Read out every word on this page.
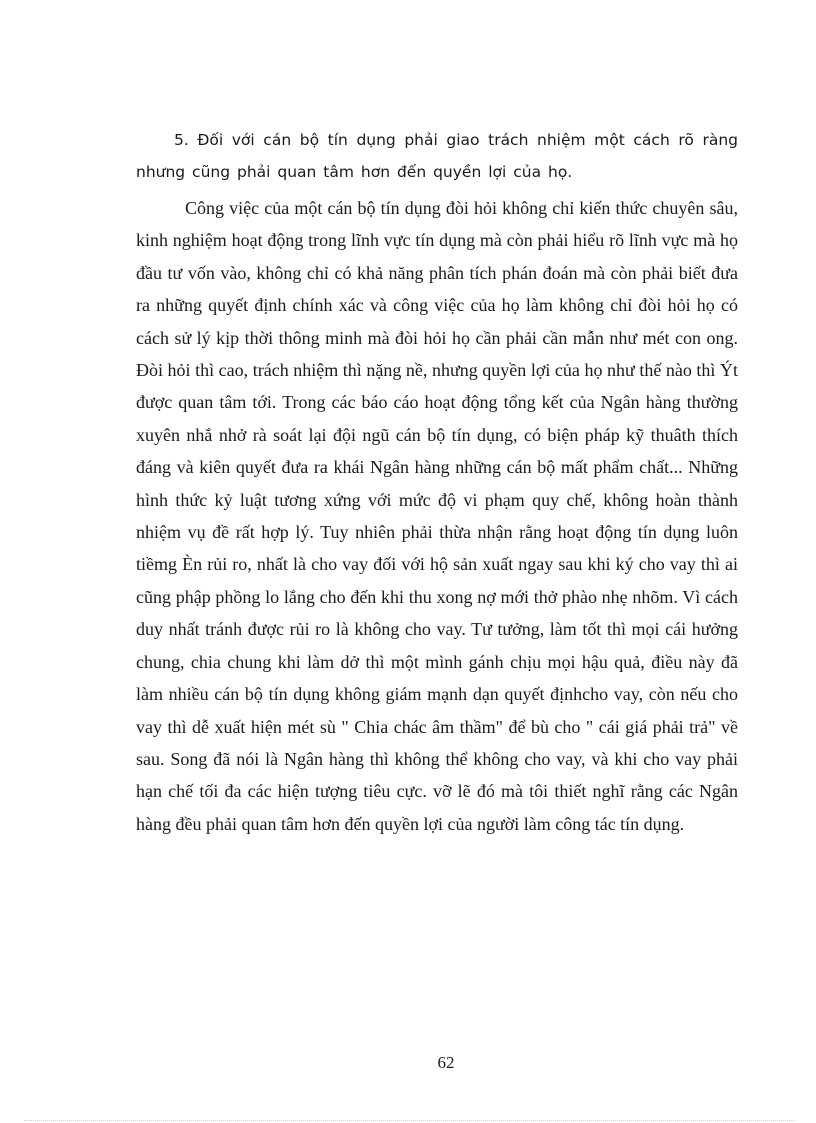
5. Đối với cán bộ tín dụng phải giao trách nhiệm một cách rõ ràng nhưng cũng phải quan tâm hơn đến quyền lợi của họ.

Công việc của một cán bộ tín dụng đòi hỏi không chỉ kiến thức chuyên sâu, kinh nghiệm hoạt động trong lĩnh vực tín dụng mà còn phải hiểu rõ lĩnh vực mà họ đầu tư vốn vào, không chỉ có khả năng phân tích phán đoán mà còn phải biết đưa ra những quyết định chính xác và công việc của họ làm không chỉ đòi hỏi họ có cách sử lý kịp thời thông minh mà đòi hỏi họ cần phải cần mẫn như mét con ong. Đòi hỏi thì cao, trách nhiệm thì nặng nề, nhưng quyền lợi của họ như thế nào thì Ýt được quan tâm tới. Trong các báo cáo hoạt động tổng kết của Ngân hàng thường xuyên nhắ nhở rà soát lại đội ngũ cán bộ tín dụng, có biện pháp kỹ thuâth thích đáng và kiên quyết đưa ra khái Ngân hàng những cán bộ mất phẩm chất... Những hình thức kỷ luật tương xứng với mức độ vi phạm quy chế, không hoàn thành nhiệm vụ đề rất hợp lý. Tuy nhiên phải thừa nhận rằng hoạt động tín dụng luôn tiềmg Èn rủi ro, nhất là cho vay đối với hộ sản xuất ngay sau khi ký cho vay thì ai cũng phập phồng lo lắng cho đến khi thu xong nợ mới thở phào nhẹ nhõm. Vì cách duy nhất tránh được rủi ro là không cho vay. Tư tưởng, làm tốt thì mọi cái hưởng chung, chia chung khi làm dở thì một mình gánh chịu mọi hậu quả, điều này đã làm nhiều cán bộ tín dụng không giám mạnh dạn quyết địnhcho vay, còn nếu cho vay thì dễ xuất hiện mét sù " Chia chác âm thầm" để bù cho " cái giá phải trả" về sau. Song đã nói là Ngân hàng thì không thể không cho vay, và khi cho vay phải hạn chế tối đa các hiện tượng tiêu cực. vỡ lẽ đó mà tôi thiết nghĩ rằng các Ngân hàng đều phải quan tâm hơn đến quyền lợi của người làm công tác tín dụng.

62
